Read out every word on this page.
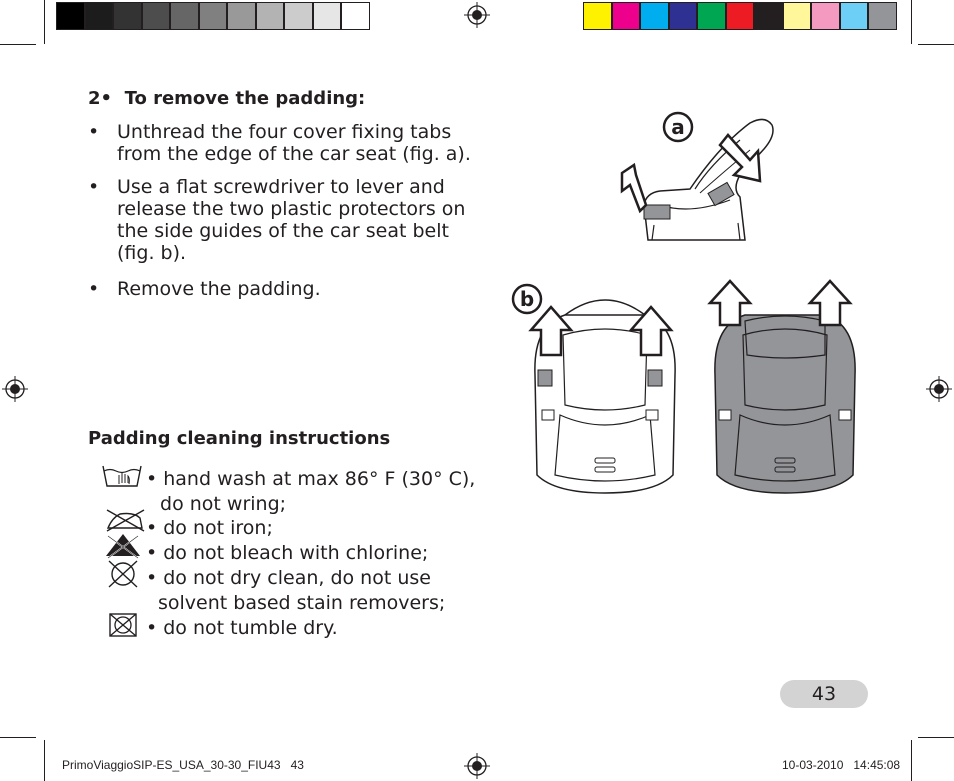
2•  To remove the padding:
• Unthread the four cover fixing tabs
from the edge of the car seat (fig. a).
• Use a flat screwdriver to lever and
release the two plastic protectors on
the side guides of the car seat belt
(fig. b).
• Remove the padding.
Padding cleaning instructions
• hand wash at max 86° F (30° C),
do not wring;
• do not iron;
• do not bleach with chlorine;
• do not dry clean, do not use
solvent based stain removers;
• do not tumble dry.
a
b
43
PrimoViaggioSIP-ES_USA_30-30_FIU43   43	10-03-2010   14:45:08
